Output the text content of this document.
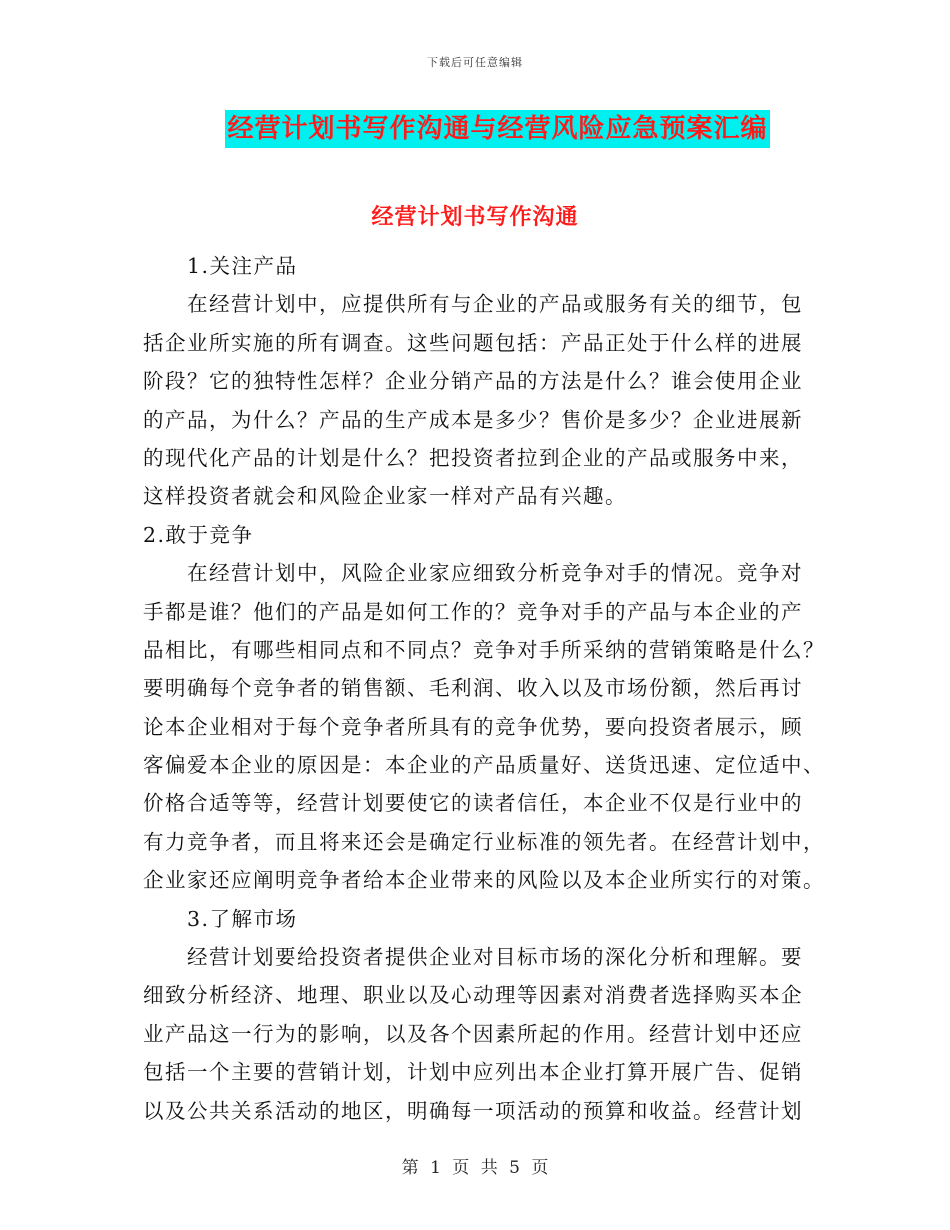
下载后可任意编辑
经营计划书写作沟通与经营风险应急预案汇编
经营计划书写作沟通
1.关注产品
在经营计划中，应提供所有与企业的产品或服务有关的细节，包
括企业所实施的所有调查。这些问题包括：产品正处于什么样的进展
阶段？它的独特性怎样？企业分销产品的方法是什么？谁会使用企业
的产品，为什么？产品的生产成本是多少？售价是多少？企业进展新
的现代化产品的计划是什么？把投资者拉到企业的产品或服务中来，
这样投资者就会和风险企业家一样对产品有兴趣。
2.敢于竞争
在经营计划中，风险企业家应细致分析竞争对手的情况。竞争对
手都是谁？他们的产品是如何工作的？竞争对手的产品与本企业的产
品相比，有哪些相同点和不同点？竞争对手所采纳的营销策略是什么？
要明确每个竞争者的销售额、毛利润、收入以及市场份额，然后再讨
论本企业相对于每个竞争者所具有的竞争优势，要向投资者展示，顾
客偏爱本企业的原因是：本企业的产品质量好、送货迅速、定位适中、
价格合适等等，经营计划要使它的读者信任，本企业不仅是行业中的
有力竞争者，而且将来还会是确定行业标准的领先者。在经营计划中，
企业家还应阐明竞争者给本企业带来的风险以及本企业所实行的对策。
3.了解市场
经营计划要给投资者提供企业对目标市场的深化分析和理解。要
细致分析经济、地理、职业以及心动理等因素对消费者选择购买本企
业产品这一行为的影响，以及各个因素所起的作用。经营计划中还应
包括一个主要的营销计划，计划中应列出本企业打算开展广告、促销
以及公共关系活动的地区，明确每一项活动的预算和收益。经营计划
第 1 页 共 5 页
